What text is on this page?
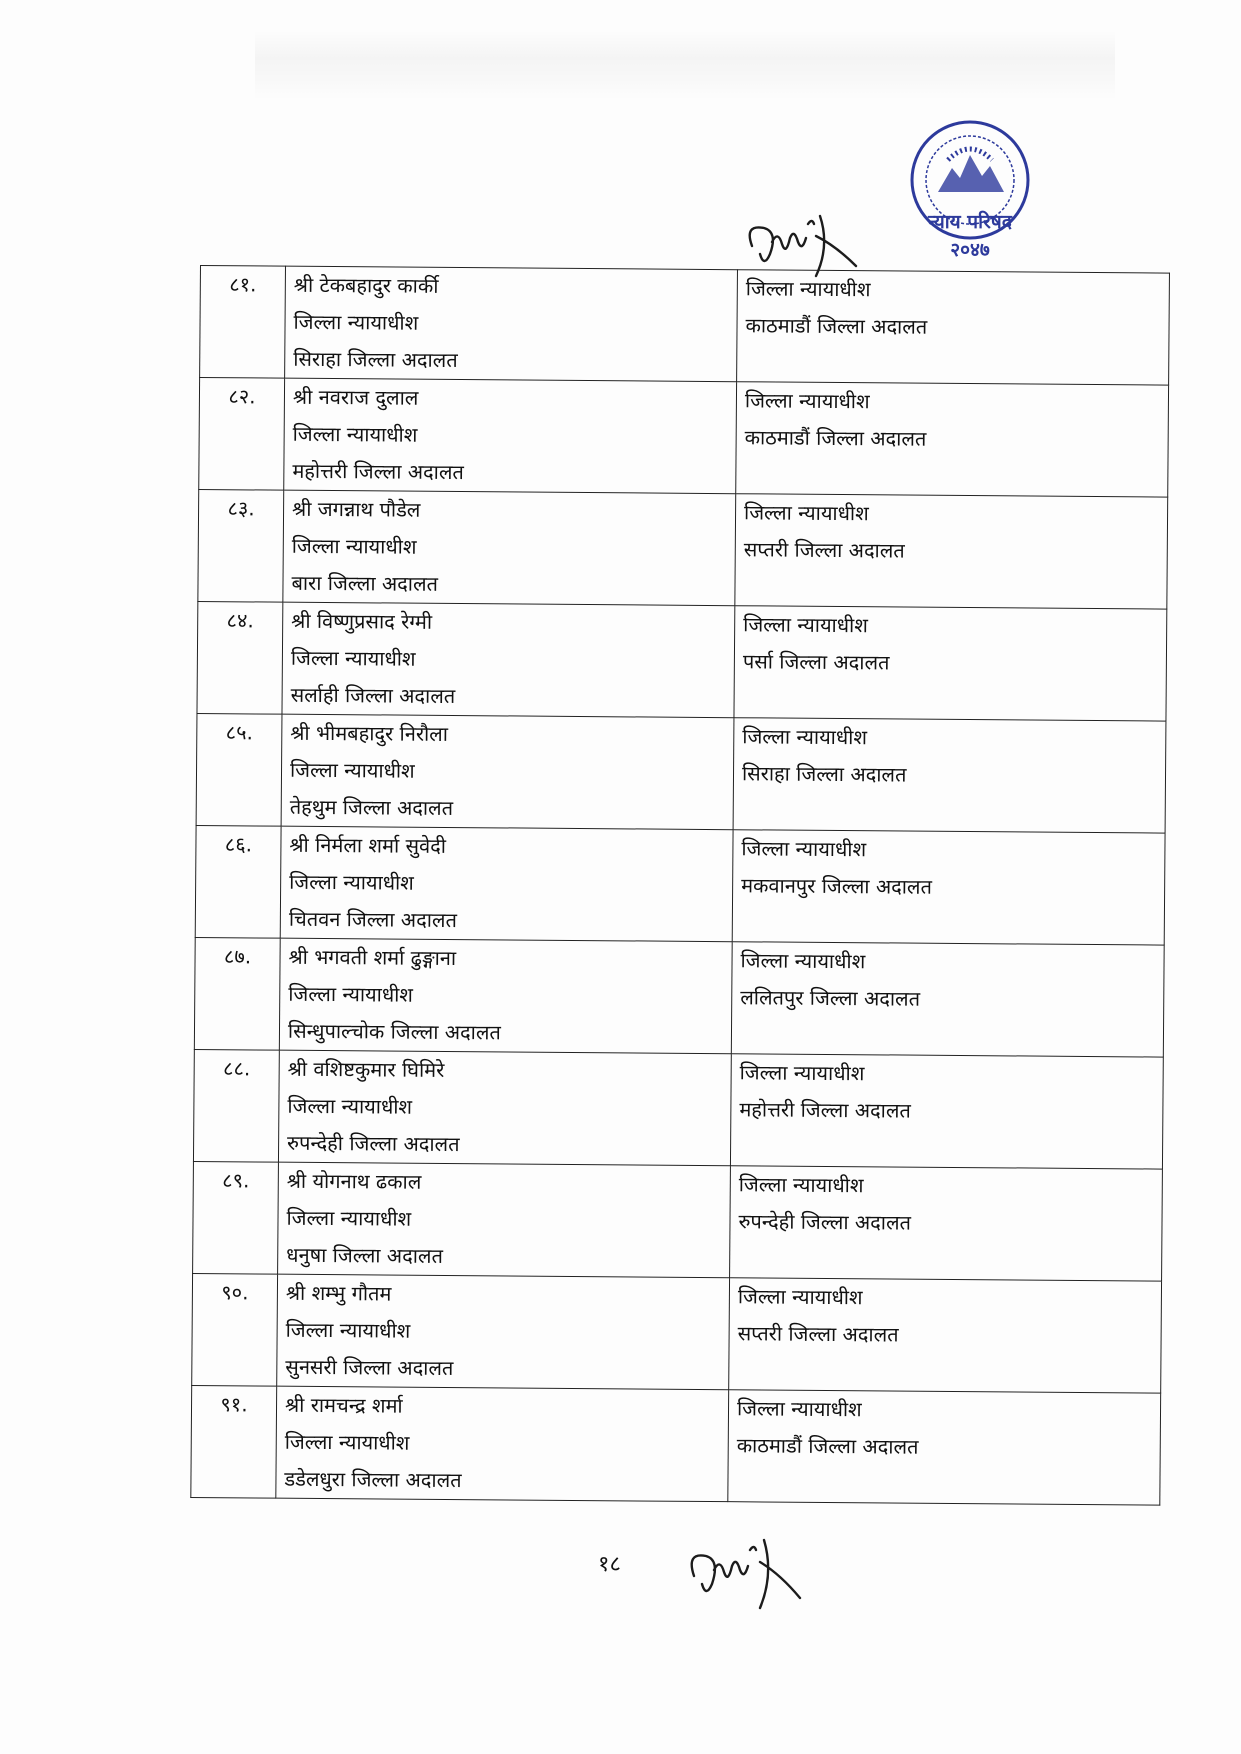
न्याय परिषद
२०४७
८१.	श्री टेकबहादुर कार्की
जिल्ला न्यायाधीश
सिराहा जिल्ला अदालत	जिल्ला न्यायाधीश
काठमाडौं जिल्ला अदालत

८२.	श्री नवराज दुलाल
जिल्ला न्यायाधीश
महोत्तरी जिल्ला अदालत	जिल्ला न्यायाधीश
काठमाडौं जिल्ला अदालत

८३.	श्री जगन्नाथ पौडेल
जिल्ला न्यायाधीश
बारा जिल्ला अदालत	जिल्ला न्यायाधीश
सप्तरी जिल्ला अदालत

८४.	श्री विष्णुप्रसाद रेग्मी
जिल्ला न्यायाधीश
सर्लाही जिल्ला अदालत	जिल्ला न्यायाधीश
पर्सा जिल्ला अदालत

८५.	श्री भीमबहादुर निरौला
जिल्ला न्यायाधीश
तेहथुम जिल्ला अदालत	जिल्ला न्यायाधीश
सिराहा जिल्ला अदालत

८६.	श्री निर्मला शर्मा सुवेदी
जिल्ला न्यायाधीश
चितवन जिल्ला अदालत	जिल्ला न्यायाधीश
मकवानपुर जिल्ला अदालत

८७.	श्री भगवती शर्मा ढुङ्गाना
जिल्ला न्यायाधीश
सिन्धुपाल्चोक जिल्ला अदालत	जिल्ला न्यायाधीश
ललितपुर जिल्ला अदालत

८८.	श्री वशिष्टकुमार घिमिरे
जिल्ला न्यायाधीश
रुपन्देही जिल्ला अदालत	जिल्ला न्यायाधीश
महोत्तरी जिल्ला अदालत

८९.	श्री योगनाथ ढकाल
जिल्ला न्यायाधीश
धनुषा जिल्ला अदालत	जिल्ला न्यायाधीश
रुपन्देही जिल्ला अदालत

९०.	श्री शम्भु गौतम
जिल्ला न्यायाधीश
सुनसरी जिल्ला अदालत	जिल्ला न्यायाधीश
सप्तरी जिल्ला अदालत

९१.	श्री रामचन्द्र शर्मा
जिल्ला न्यायाधीश
डडेलधुरा जिल्ला अदालत	जिल्ला न्यायाधीश
काठमाडौं जिल्ला अदालत
१८
